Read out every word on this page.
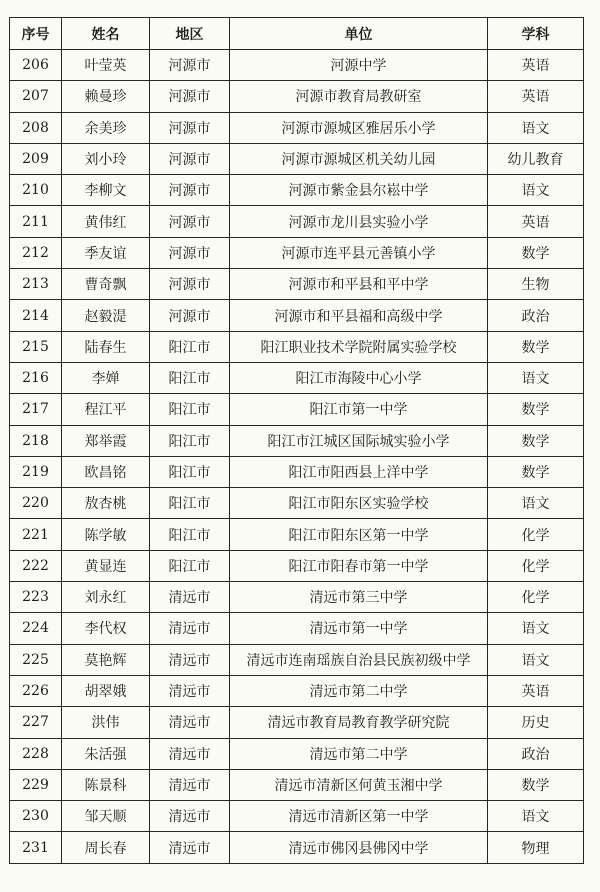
序号	姓名	地区	单位	学科
206	叶莹英	河源市	河源中学	英语
207	赖曼珍	河源市	河源市教育局教研室	英语
208	余美珍	河源市	河源市源城区雅居乐小学	语文
209	刘小玲	河源市	河源市源城区机关幼儿园	幼儿教育
210	李柳文	河源市	河源市紫金县尔崧中学	语文
211	黄伟红	河源市	河源市龙川县实验小学	英语
212	季友谊	河源市	河源市连平县元善镇小学	数学
213	曹奇飘	河源市	河源市和平县和平中学	生物
214	赵毅湜	河源市	河源市和平县福和高级中学	政治
215	陆春生	阳江市	阳江职业技术学院附属实验学校	数学
216	李婵	阳江市	阳江市海陵中心小学	语文
217	程江平	阳江市	阳江市第一中学	数学
218	郑举霞	阳江市	阳江市江城区国际城实验小学	数学
219	欧昌铭	阳江市	阳江市阳西县上洋中学	数学
220	敖杏桃	阳江市	阳江市阳东区实验学校	语文
221	陈学敏	阳江市	阳江市阳东区第一中学	化学
222	黄显连	阳江市	阳江市阳春市第一中学	化学
223	刘永红	清远市	清远市第三中学	化学
224	李代权	清远市	清远市第一中学	语文
225	莫艳辉	清远市	清远市连南瑶族自治县民族初级中学	语文
226	胡翠娥	清远市	清远市第二中学	英语
227	洪伟	清远市	清远市教育局教育教学研究院	历史
228	朱活强	清远市	清远市第二中学	政治
229	陈景科	清远市	清远市清新区何黄玉湘中学	数学
230	邹天顺	清远市	清远市清新区第一中学	语文
231	周长春	清远市	清远市佛冈县佛冈中学	物理
